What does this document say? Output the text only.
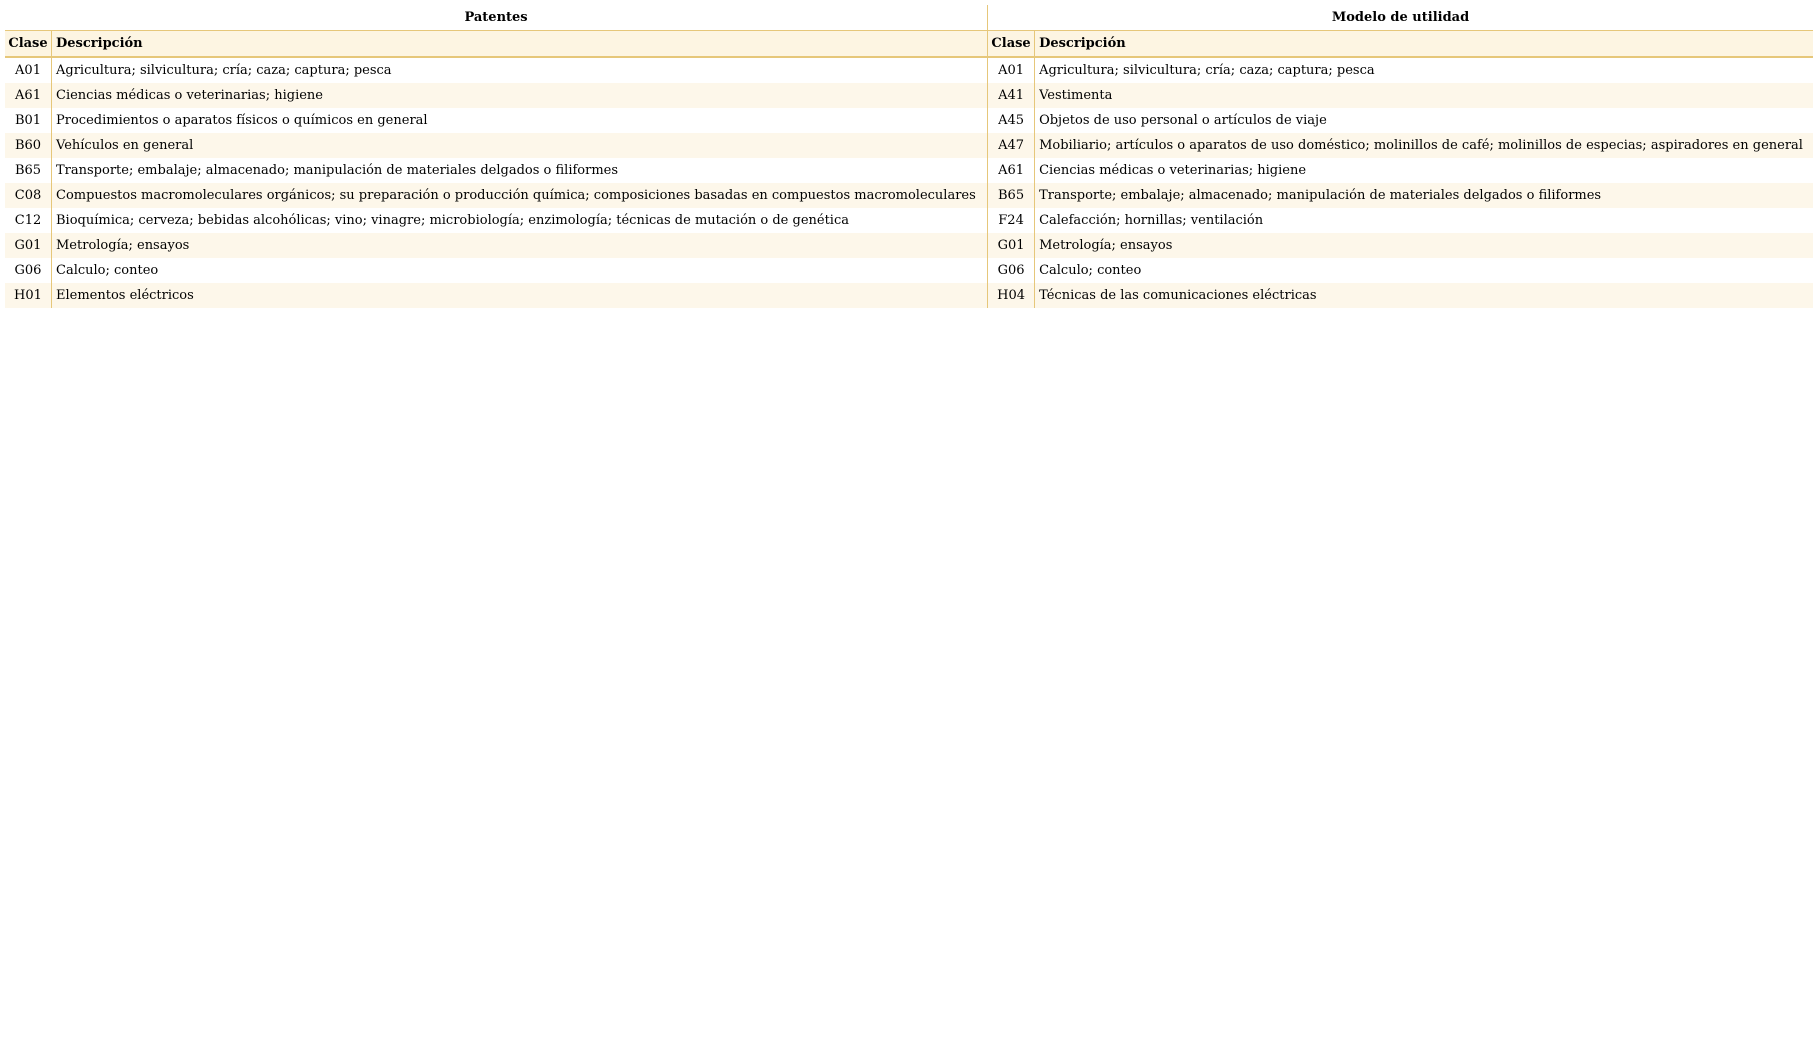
Patentes		Modelo de utilidad	
Clase	Descripción	Clase	Descripción
A01	Agricultura; silvicultura; cría; caza; captura; pesca	A01	Agricultura; silvicultura; cría; caza; captura; pesca
A61	Ciencias médicas o veterinarias; higiene	A41	Vestimenta
B01	Procedimientos o aparatos físicos o químicos en general	A45	Objetos de uso personal o artículos de viaje
B60	Vehículos en general	A47	Mobiliario; artículos o aparatos de uso doméstico; molinillos de café; molinillos de especias; aspiradores en general
B65	Transporte; embalaje; almacenado; manipulación de materiales delgados o filiformes	A61	Ciencias médicas o veterinarias; higiene
C08	Compuestos macromoleculares orgánicos; su preparación o producción química; composiciones basadas en compuestos macromoleculares	B65	Transporte; embalaje; almacenado; manipulación de materiales delgados o filiformes
C12	Bioquímica; cerveza; bebidas alcohólicas; vino; vinagre; microbiología; enzimología; técnicas de mutación o de genética	F24	Calefacción; hornillas; ventilación
G01	Metrología; ensayos	G01	Metrología; ensayos
G06	Calculo; conteo	G06	Calculo; conteo
H01	Elementos eléctricos	H04	Técnicas de las comunicaciones eléctricas
